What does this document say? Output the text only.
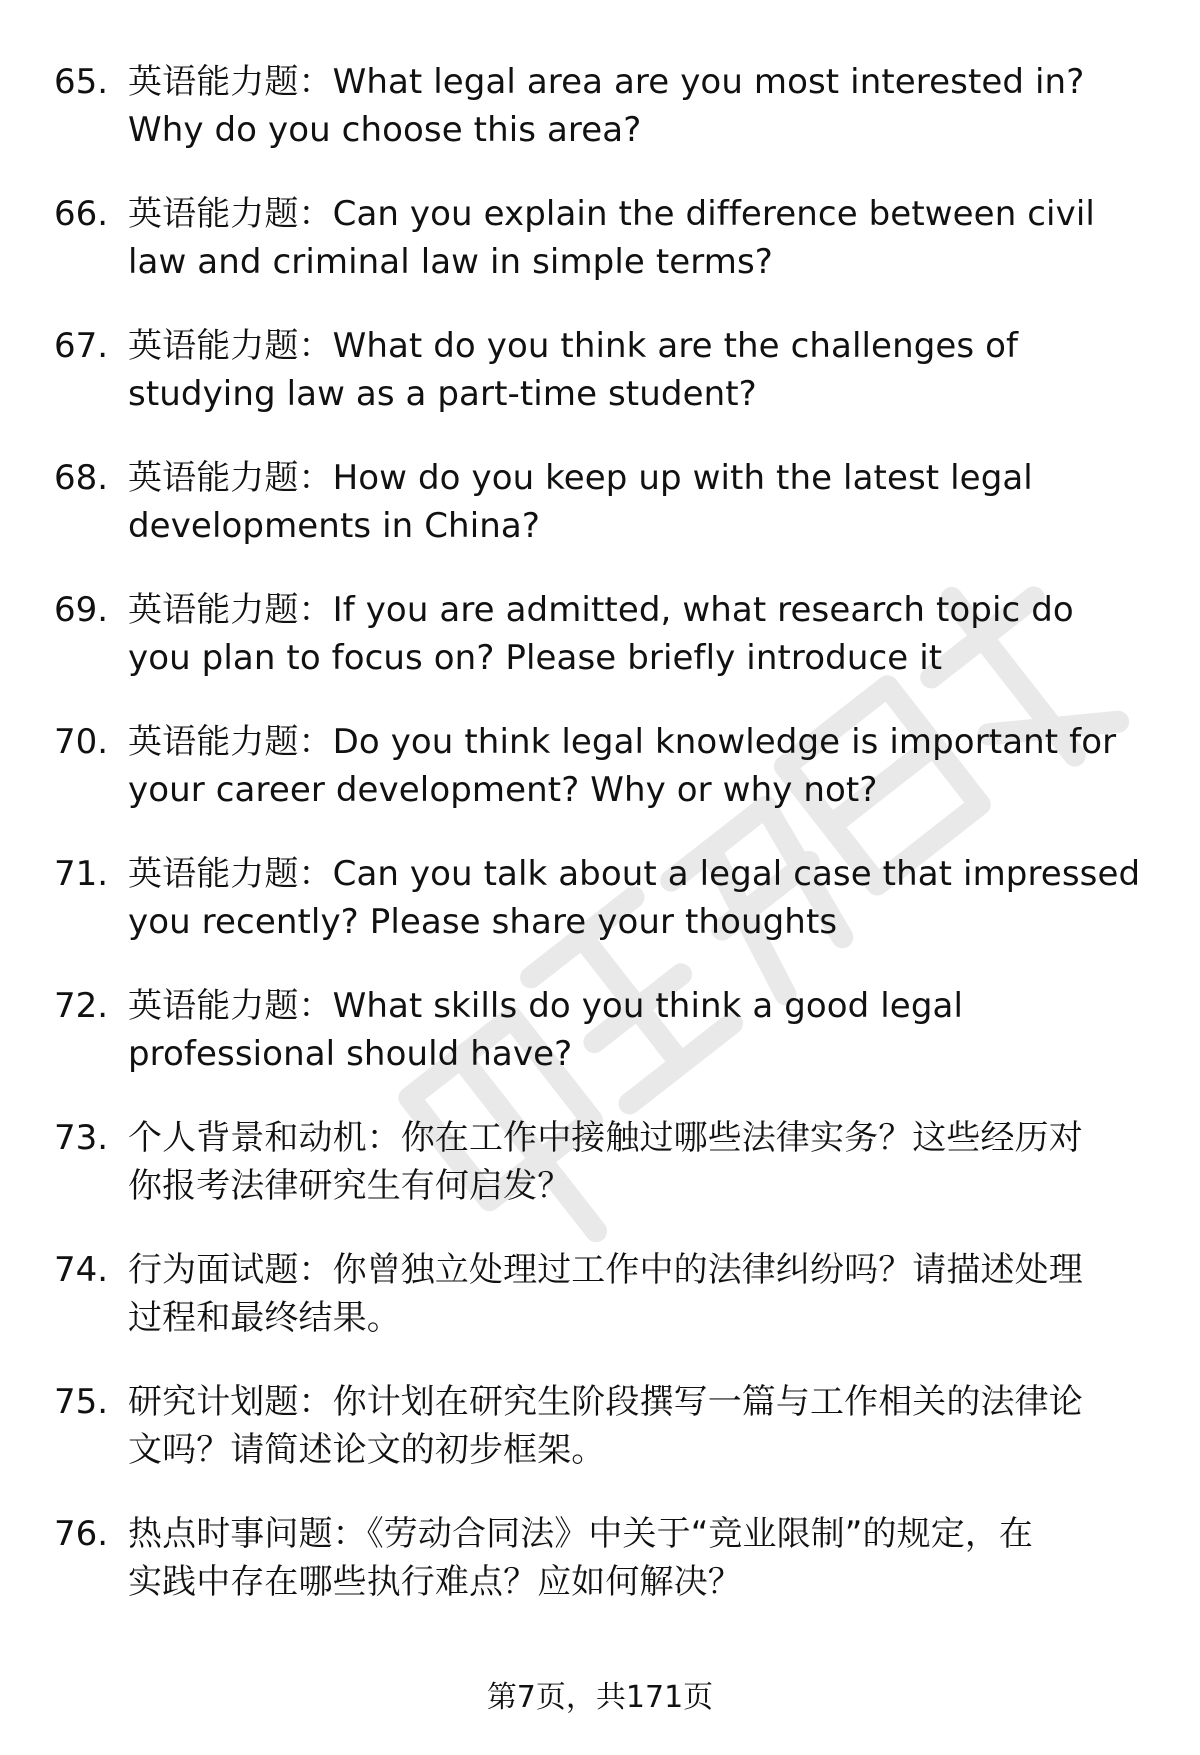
65. 英语能力题：What legal area are you most interested in?
Why do you choose this area?
66. 英语能力题：Can you explain the difference between civil
law and criminal law in simple terms?
67. 英语能力题：What do you think are the challenges of
studying law as a part-time student?
68. 英语能力题：How do you keep up with the latest legal
developments in China?
69. 英语能力题：If you are admitted, what research topic do
you plan to focus on? Please briefly introduce it
70. 英语能力题：Do you think legal knowledge is important for
your career development? Why or why not?
71. 英语能力题：Can you talk about a legal case that impressed
you recently? Please share your thoughts
72. 英语能力题：What skills do you think a good legal
professional should have?
73. 个人背景和动机：你在工作中接触过哪些法律实务？这些经历对
你报考法律研究生有何启发？
74. 行为面试题：你曾独立处理过工作中的法律纠纷吗？请描述处理
过程和最终结果。
75. 研究计划题：你计划在研究生阶段撰写一篇与工作相关的法律论
文吗？请简述论文的初步框架。
76. 热点时事问题：《劳动合同法》中关于“竞业限制”的规定，在
实践中存在哪些执行难点？应如何解决？
第7页，共171页
